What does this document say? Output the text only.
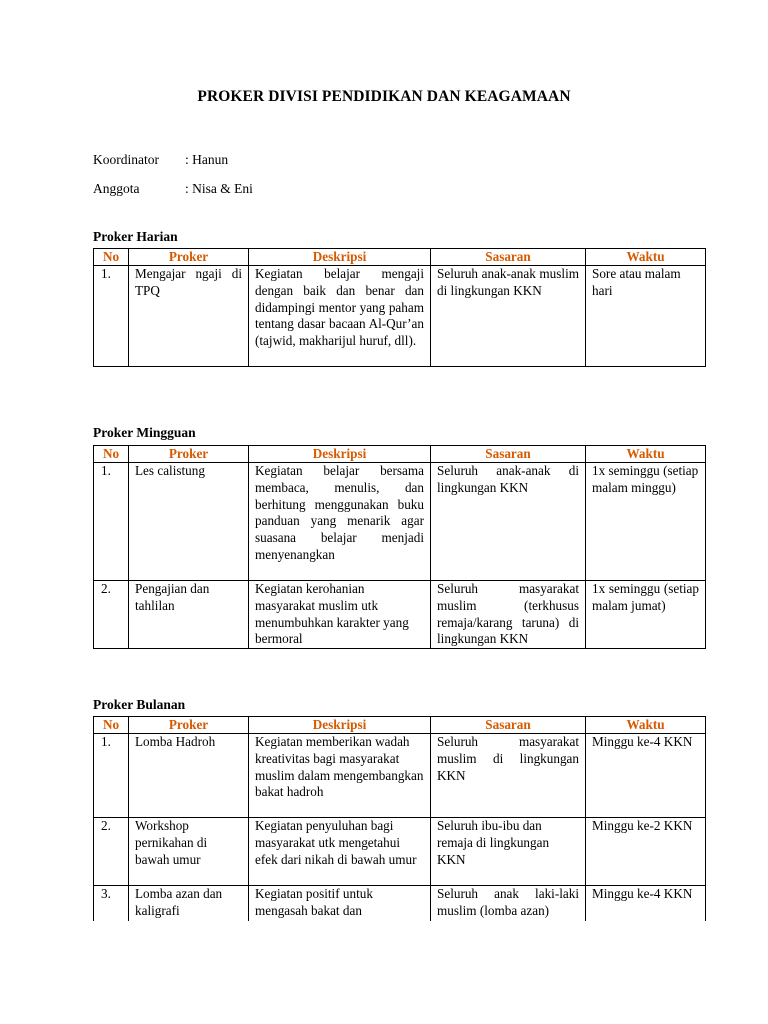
PROKER DIVISI PENDIDIKAN DAN KEAGAMAAN
Koordinator : Hanun
Anggota	: Nisa & Eni
Proker Harian
No	Proker	Deskripsi	Sasaran	Waktu
1.	Mengajar ngaji di TPQ	Kegiatan belajar mengaji dengan baik dan benar dan didampingi mentor yang paham tentang dasar bacaan Al-Qur’an (tajwid, makharijul huruf, dll).	Seluruh anak-anak muslim di lingkungan KKN	Sore atau malam hari
Proker Mingguan
No	Proker	Deskripsi	Sasaran	Waktu
1.	Les calistung	Kegiatan belajar bersama membaca, menulis, dan berhitung menggunakan buku panduan yang menarik agar suasana belajar menjadi menyenangkan	Seluruh anak-anak di lingkungan KKN	1x seminggu (setiap malam minggu)
2.	Pengajian dan tahlilan	Kegiatan kerohanian masyarakat muslim utk menumbuhkan karakter yang bermoral	Seluruh masyarakat muslim (terkhusus remaja/karang taruna) di lingkungan KKN	1x seminggu (setiap malam jumat)
Proker Bulanan
No	Proker	Deskripsi	Sasaran	Waktu
1.	Lomba Hadroh	Kegiatan memberikan wadah kreativitas bagi masyarakat muslim dalam mengembangkan bakat hadroh	Seluruh masyarakat muslim di lingkungan KKN	Minggu ke-4 KKN
2.	Workshop pernikahan di bawah umur	Kegiatan penyuluhan bagi masyarakat utk mengetahui efek dari nikah di bawah umur	Seluruh ibu-ibu dan remaja di lingkungan KKN	Minggu ke-2 KKN
3.	Lomba azan dan kaligrafi	Kegiatan positif untuk mengasah bakat dan	Seluruh anak laki-laki muslim (lomba azan)	Minggu ke-4 KKN
